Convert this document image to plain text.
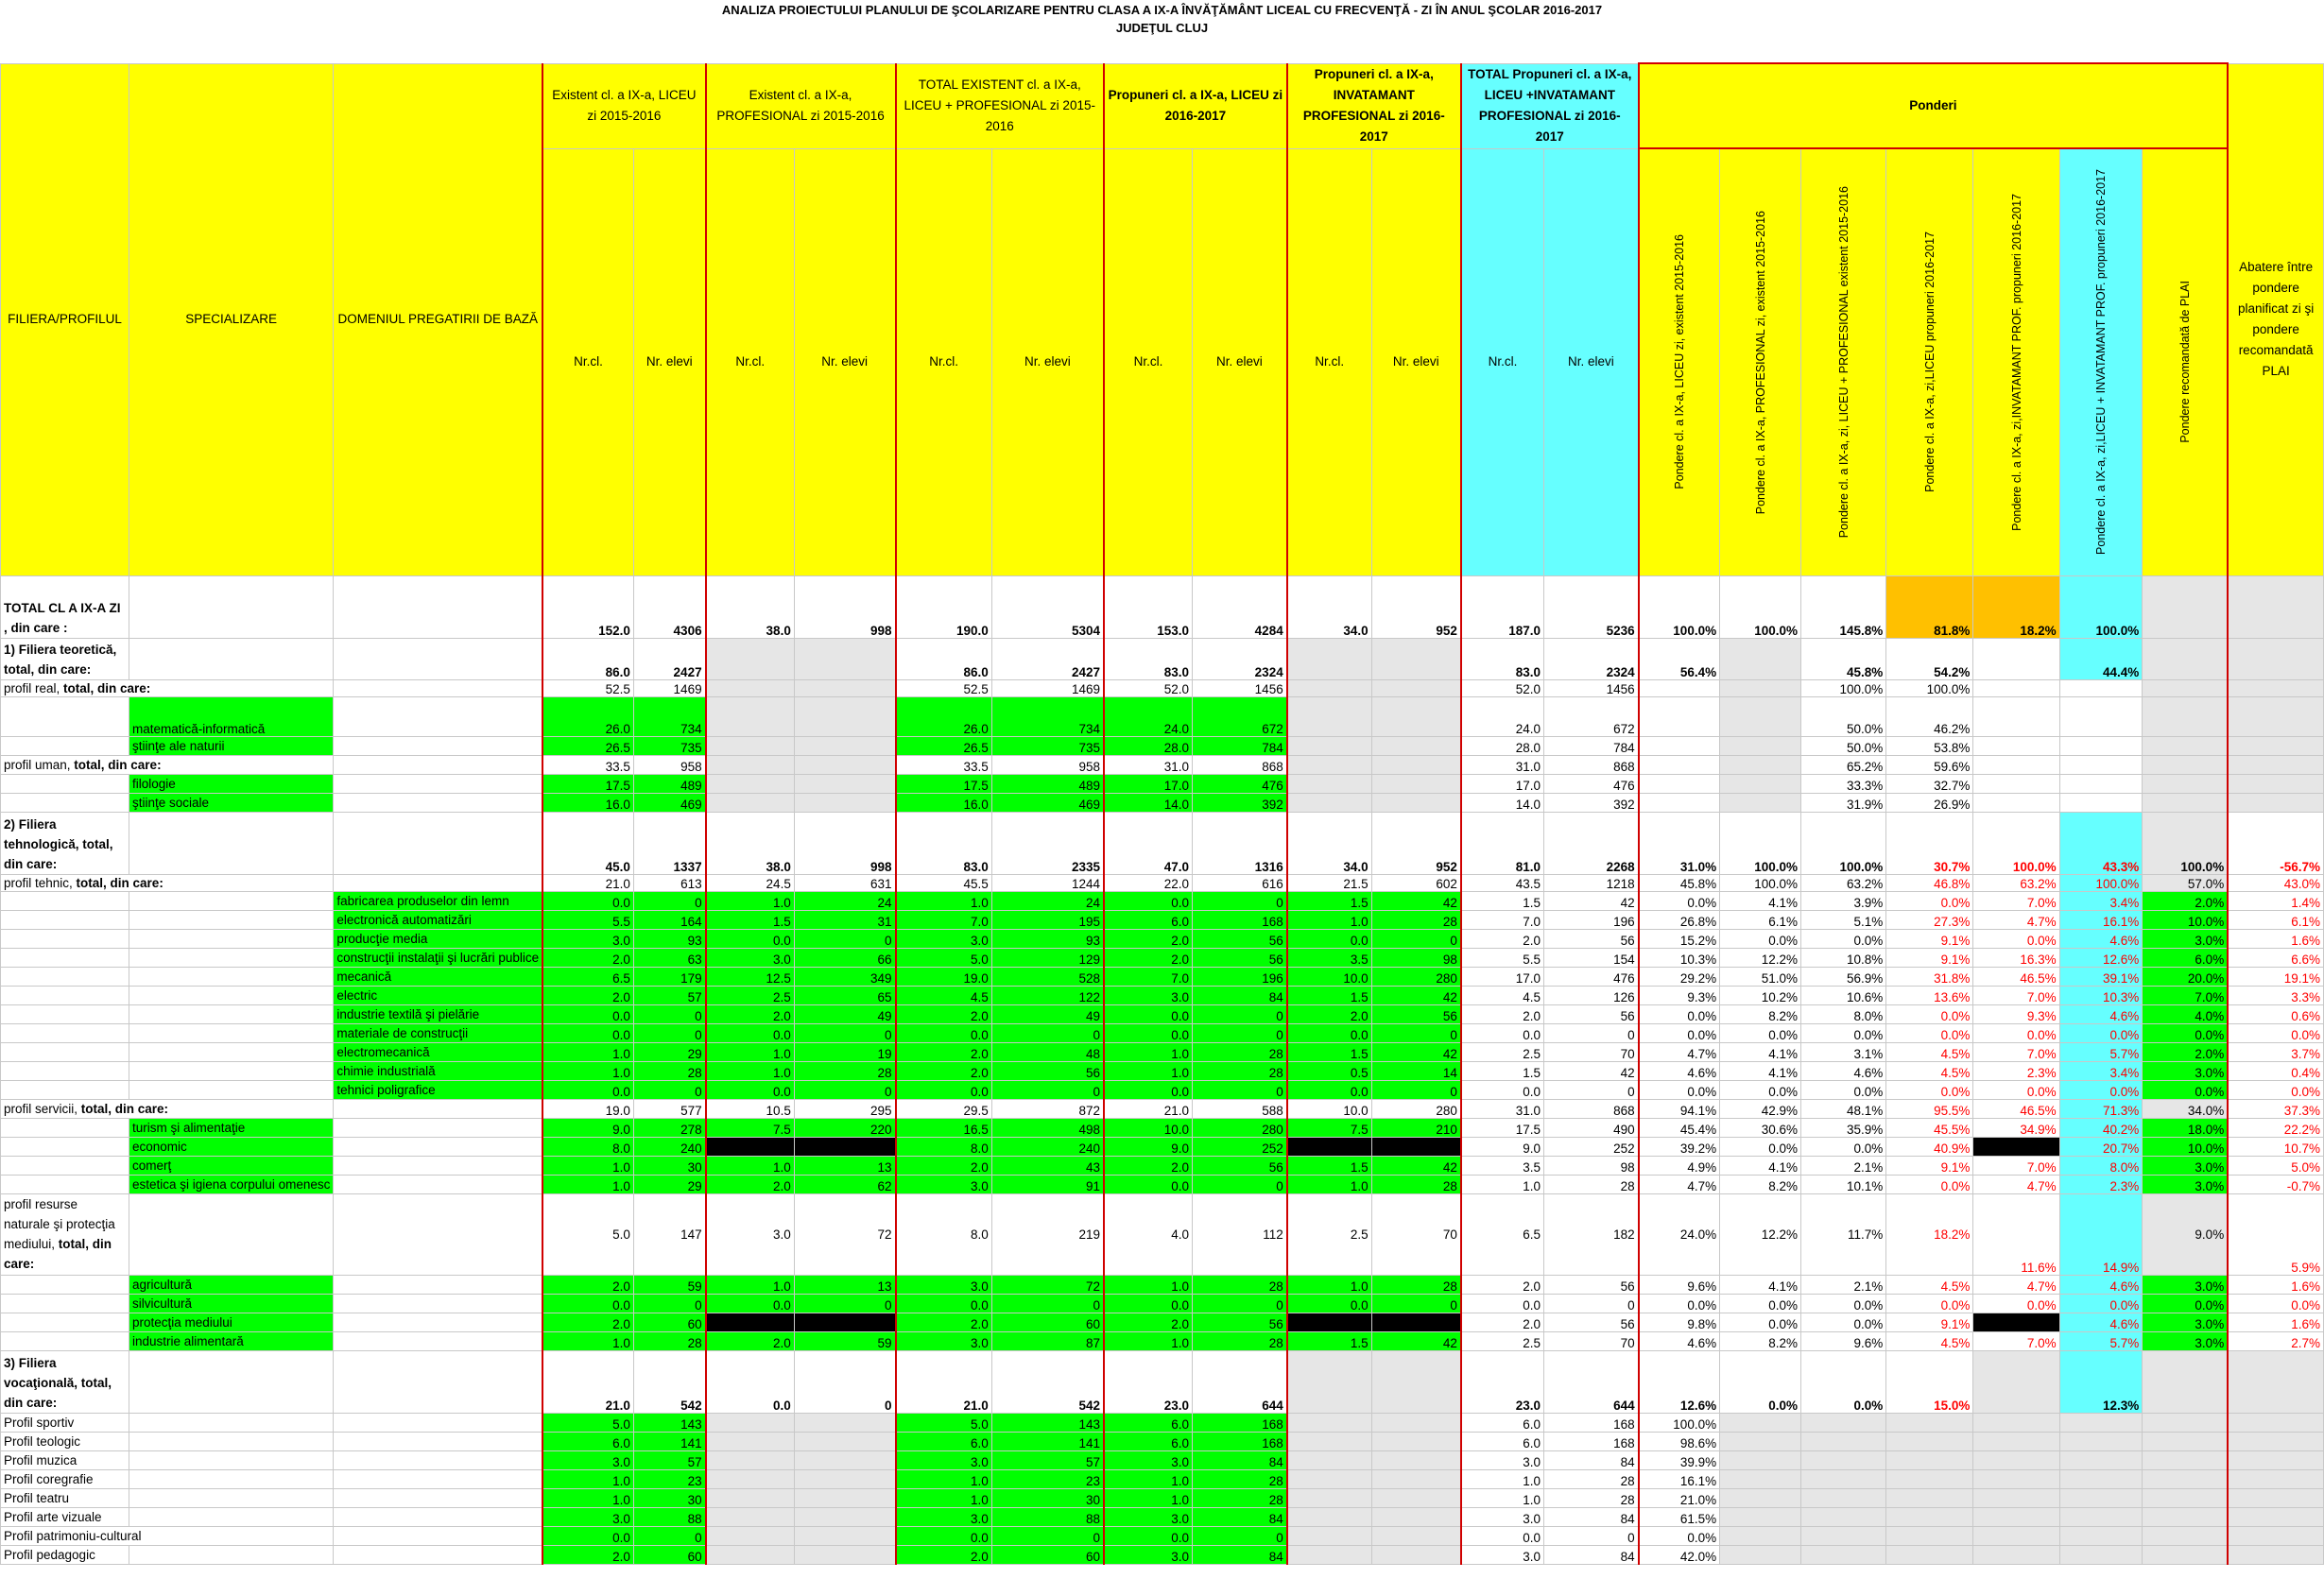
ANALIZA PROIECTULUI PLANULUI DE ŞCOLARIZARE PENTRU CLASA A IX-A ÎNVĂŢĂMÂNT LICEAL CU FRECVENŢĂ - ZI ÎN ANUL ŞCOLAR 2016-2017
JUDEŢUL CLUJ
FILIERA/PROFILUL	SPECIALIZARE	DOMENIUL PREGATIRII DE BAZĂ	Existent cl. a IX-a, LICEU zi 2015-2016		Existent cl. a IX-a, PROFESIONAL zi 2015-2016		TOTAL EXISTENT cl. a IX-a, LICEU + PROFESIONAL zi 2015-2016		Propuneri cl. a IX-a, LICEU zi 2016-2017		Propuneri cl. a IX-a, INVATAMANT PROFESIONAL zi 2016-2017		TOTAL Propuneri cl. a IX-a, LICEU +INVATAMANT PROFESIONAL zi 2016-2017		Ponderi							Abatere între pondere planificat zi şi pondere recomandată PLAI
			Nr.cl.	Nr. elevi	Nr.cl.	Nr. elevi	Nr.cl.	Nr. elevi	Nr.cl.	Nr. elevi	Nr.cl.	Nr. elevi	Nr.cl.	Nr. elevi	Pondere cl. a IX-a, LICEU zi, existent 2015-2016	Pondere cl. a IX-a, PROFESIONAL zi, existent 2015-2016	Pondere cl. a IX-a, zi, LICEU + PROFESIONAL existent 2015-2016	Pondere cl. a IX-a, zi,LICEU propuneri 2016-2017	Pondere cl. a IX-a, zi,INVATAMANT PROF. propuneri 2016-2017	Pondere cl. a IX-a, zi,LICEU + INVATAMANT PROF. propuneri 2016-2017	Pondere recomandată de PLAI	

TOTAL CL A IX-A ZI , din care :			152.0	4306	38.0	998	190.0	5304	153.0	4284	34.0	952	187.0	5236	100.0%	100.0%	145.8%	81.8%	18.2%	100.0%		
1) Filiera teoretică, total, din care:			86.0	2427			86.0	2427	83.0	2324			83.0	2324	56.4%		45.8%	54.2%		44.4%		
profil real, total, din care:			52.5	1469			52.5	1469	52.0	1456			52.0	1456			100.0%	100.0%				
	matematică-informatică		26.0	734			26.0	734	24.0	672			24.0	672			50.0%	46.2%				
	ştiinţe ale naturii		26.5	735			26.5	735	28.0	784			28.0	784			50.0%	53.8%				
profil uman, total, din care:			33.5	958			33.5	958	31.0	868			31.0	868			65.2%	59.6%				
	filologie		17.5	489			17.5	489	17.0	476			17.0	476			33.3%	32.7%				
	ştiinţe sociale		16.0	469			16.0	469	14.0	392			14.0	392			31.9%	26.9%				
2) Filiera tehnologică, total, din care:			45.0	1337	38.0	998	83.0	2335	47.0	1316	34.0	952	81.0	2268	31.0%	100.0%	100.0%	30.7%	100.0%	43.3%	100.0%	-56.7%
profil tehnic, total, din care:			21.0	613	24.5	631	45.5	1244	22.0	616	21.5	602	43.5	1218	45.8%	100.0%	63.2%	46.8%	63.2%	100.0%	57.0%	43.0%
		fabricarea produselor din lemn	0.0	0	1.0	24	1.0	24	0.0	0	1.5	42	1.5	42	0.0%	4.1%	3.9%	0.0%	7.0%	3.4%	2.0%	1.4%
		electronică automatizări	5.5	164	1.5	31	7.0	195	6.0	168	1.0	28	7.0	196	26.8%	6.1%	5.1%	27.3%	4.7%	16.1%	10.0%	6.1%
		producţie media	3.0	93	0.0	0	3.0	93	2.0	56	0.0	0	2.0	56	15.2%	0.0%	0.0%	9.1%	0.0%	4.6%	3.0%	1.6%
		construcţii instalaţii şi lucrări publice	2.0	63	3.0	66	5.0	129	2.0	56	3.5	98	5.5	154	10.3%	12.2%	10.8%	9.1%	16.3%	12.6%	6.0%	6.6%
		mecanică	6.5	179	12.5	349	19.0	528	7.0	196	10.0	280	17.0	476	29.2%	51.0%	56.9%	31.8%	46.5%	39.1%	20.0%	19.1%
		electric	2.0	57	2.5	65	4.5	122	3.0	84	1.5	42	4.5	126	9.3%	10.2%	10.6%	13.6%	7.0%	10.3%	7.0%	3.3%
		industrie textilă şi pielărie	0.0	0	2.0	49	2.0	49	0.0	0	2.0	56	2.0	56	0.0%	8.2%	8.0%	0.0%	9.3%	4.6%	4.0%	0.6%
		materiale de construcţii	0.0	0	0.0	0	0.0	0	0.0	0	0.0	0	0.0	0	0.0%	0.0%	0.0%	0.0%	0.0%	0.0%	0.0%	0.0%
		electromecanică	1.0	29	1.0	19	2.0	48	1.0	28	1.5	42	2.5	70	4.7%	4.1%	3.1%	4.5%	7.0%	5.7%	2.0%	3.7%
		chimie industrială	1.0	28	1.0	28	2.0	56	1.0	28	0.5	14	1.5	42	4.6%	4.1%	4.6%	4.5%	2.3%	3.4%	3.0%	0.4%
		tehnici poligrafice	0.0	0	0.0	0	0.0	0	0.0	0	0.0	0	0.0	0	0.0%	0.0%	0.0%	0.0%	0.0%	0.0%	0.0%	0.0%
profil servicii, total, din care:			19.0	577	10.5	295	29.5	872	21.0	588	10.0	280	31.0	868	94.1%	42.9%	48.1%	95.5%	46.5%	71.3%	34.0%	37.3%
	turism şi alimentaţie		9.0	278	7.5	220	16.5	498	10.0	280	7.5	210	17.5	490	45.4%	30.6%	35.9%	45.5%	34.9%	40.2%	18.0%	22.2%
	economic		8.0	240			8.0	240	9.0	252			9.0	252	39.2%	0.0%	0.0%	40.9%		20.7%	10.0%	10.7%
	comerţ		1.0	30	1.0	13	2.0	43	2.0	56	1.5	42	3.5	98	4.9%	4.1%	2.1%	9.1%	7.0%	8.0%	3.0%	5.0%
	estetica şi igiena corpului omenesc		1.0	29	2.0	62	3.0	91	0.0	0	1.0	28	1.0	28	4.7%	8.2%	10.1%	0.0%	4.7%	2.3%	3.0%	-0.7%
profil resurse naturale şi protecţia mediului, total, din care:			5.0	147	3.0	72	8.0	219	4.0	112	2.5	70	6.5	182	24.0%	12.2%	11.7%	18.2%	11.6%	14.9%	9.0%	5.9%
	agricultură		2.0	59	1.0	13	3.0	72	1.0	28	1.0	28	2.0	56	9.6%	4.1%	2.1%	4.5%	4.7%	4.6%	3.0%	1.6%
	silvicultură		0.0	0	0.0	0	0.0	0	0.0	0	0.0	0	0.0	0	0.0%	0.0%	0.0%	0.0%	0.0%	0.0%	0.0%	0.0%
	protecţia mediului		2.0	60			2.0	60	2.0	56			2.0	56	9.8%	0.0%	0.0%	9.1%		4.6%	3.0%	1.6%
	industrie alimentară		1.0	28	2.0	59	3.0	87	1.0	28	1.5	42	2.5	70	4.6%	8.2%	9.6%	4.5%	7.0%	5.7%	3.0%	2.7%
3) Filiera vocaţională, total, din care:			21.0	542	0.0	0	21.0	542	23.0	644			23.0	644	12.6%	0.0%	0.0%	15.0%		12.3%		
Profil sportiv			5.0	143			5.0	143	6.0	168			6.0	168	100.0%							
Profil teologic			6.0	141			6.0	141	6.0	168			6.0	168	98.6%							
Profil muzica			3.0	57			3.0	57	3.0	84			3.0	84	39.9%							
Profil coregrafie			1.0	23			1.0	23	1.0	28			1.0	28	16.1%							
Profil teatru			1.0	30			1.0	30	1.0	28			1.0	28	21.0%							
Profil arte vizuale			3.0	88			3.0	88	3.0	84			3.0	84	61.5%							
Profil patrimoniu-cultural			0.0	0			0.0	0	0.0	0			0.0	0	0.0%							
Profil pedagogic			2.0	60			2.0	60	3.0	84			3.0	84	42.0%							
